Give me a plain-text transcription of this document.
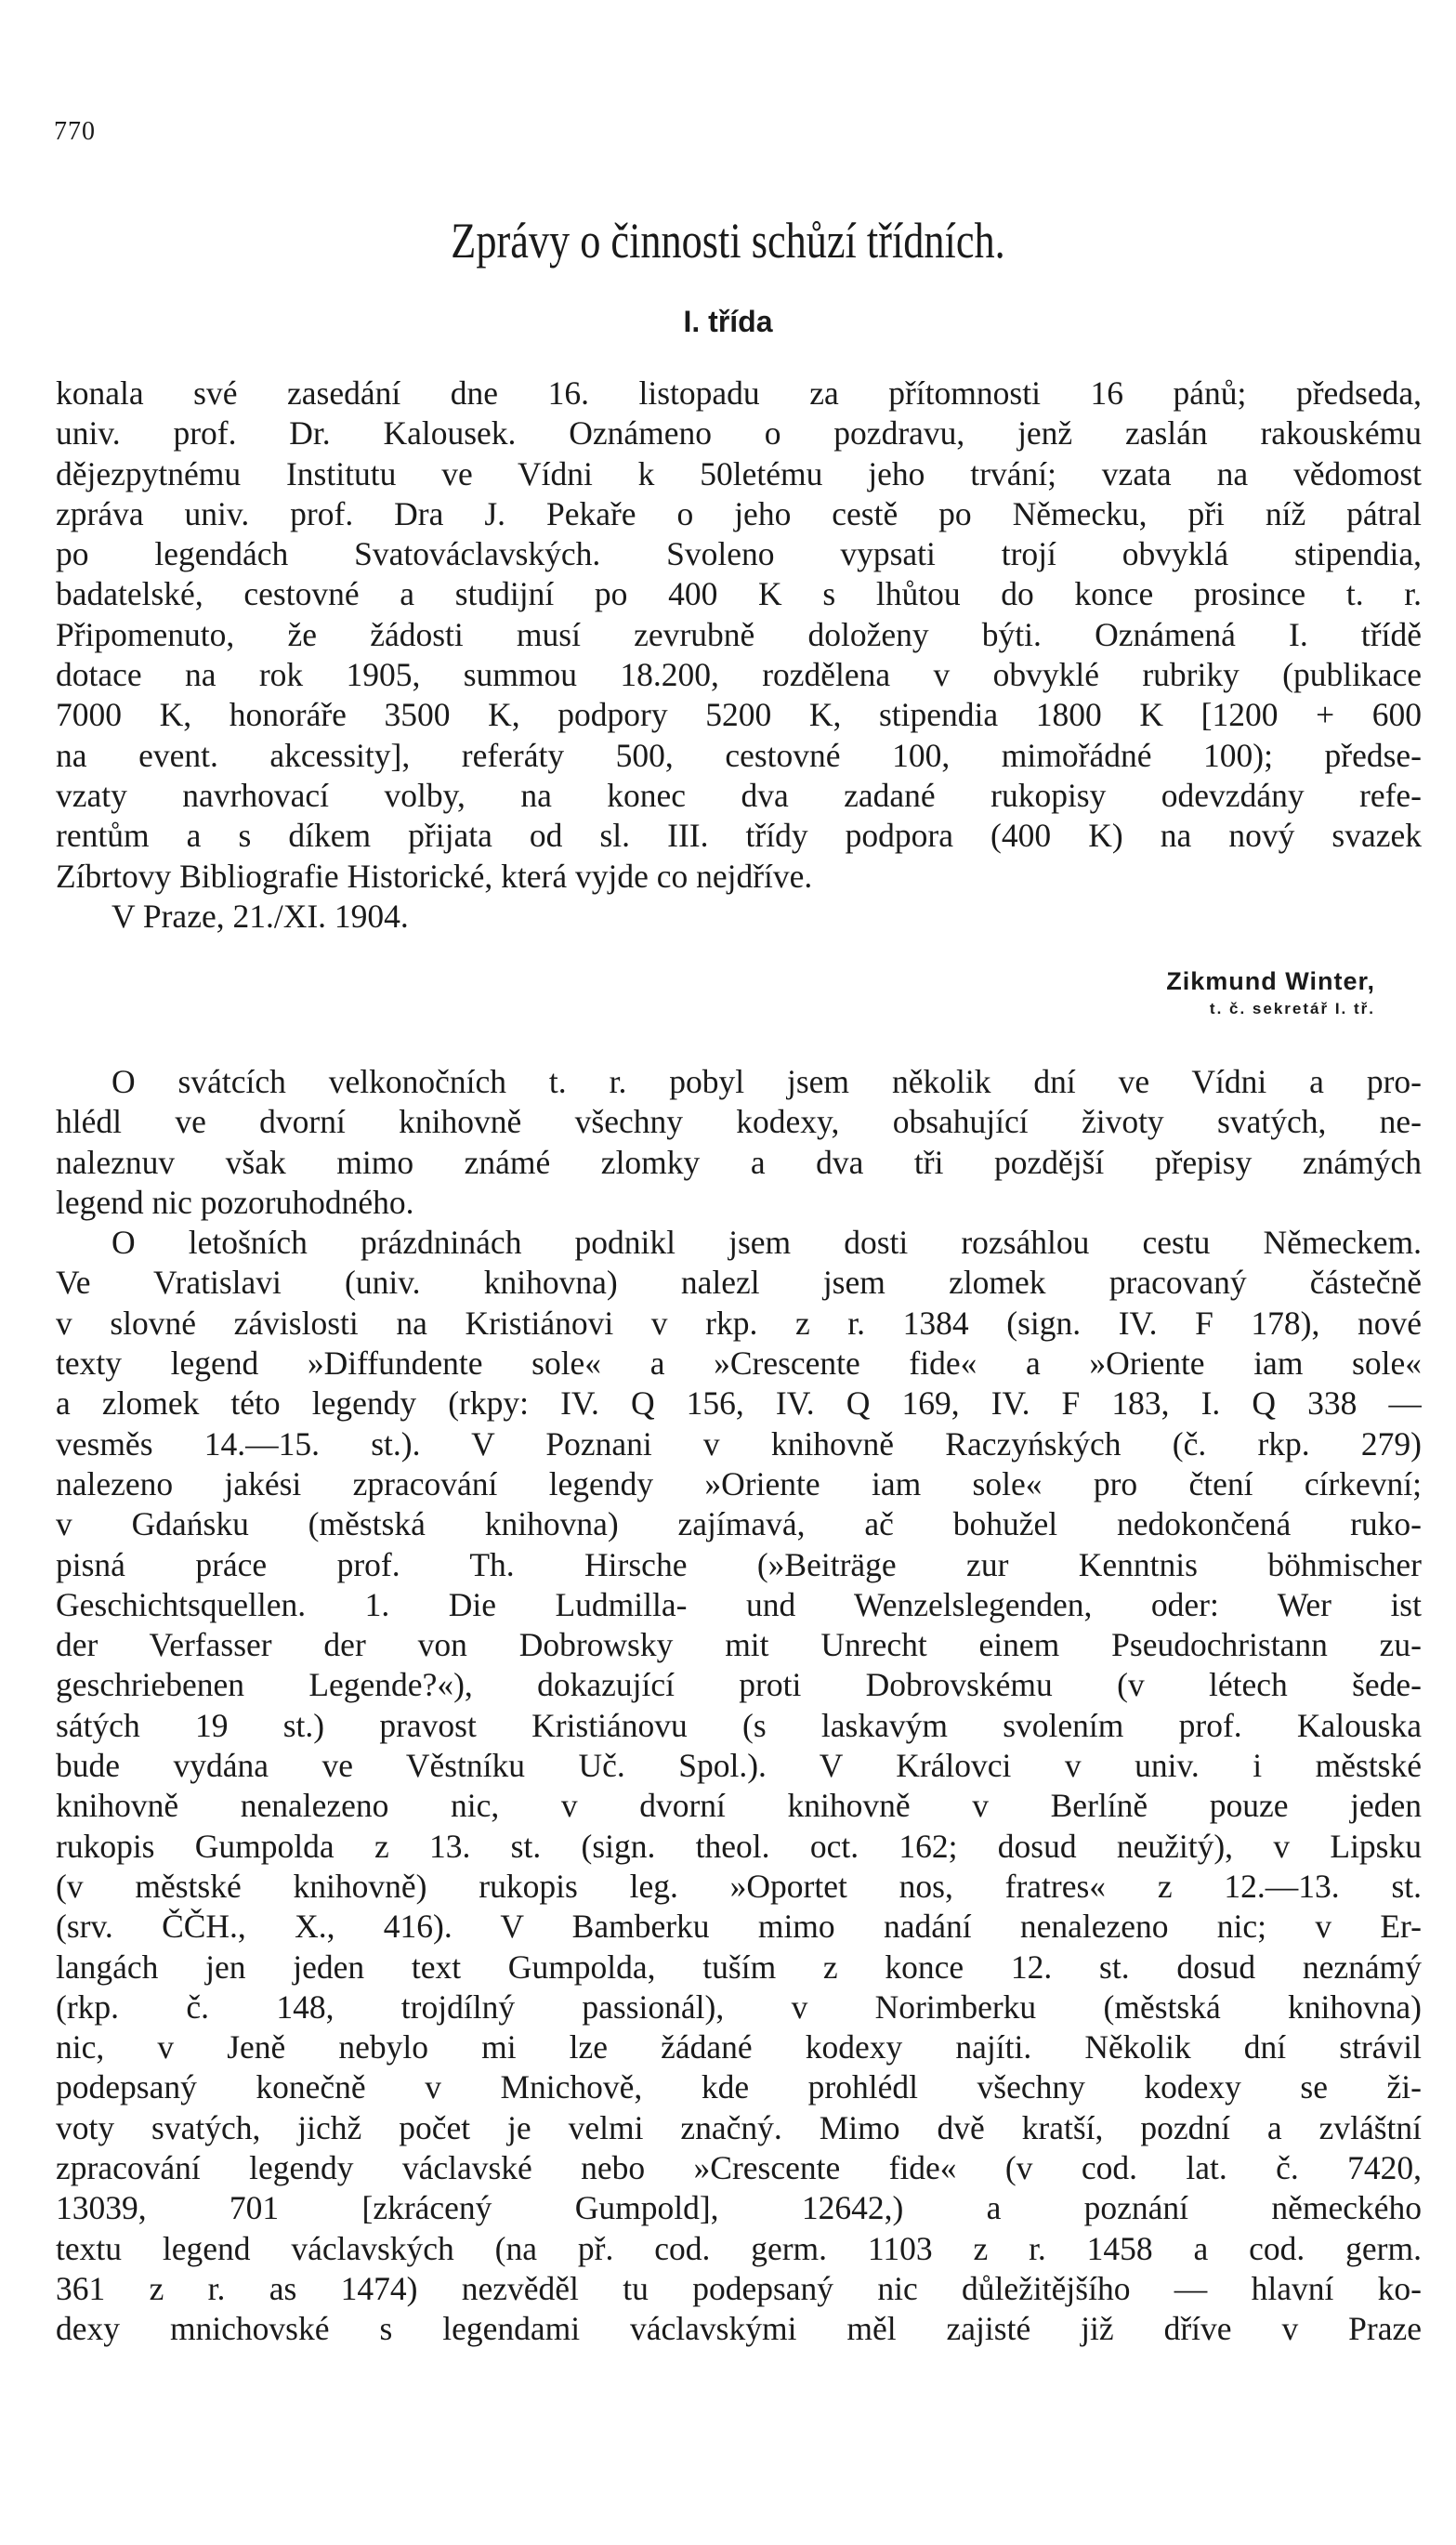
770
Zprávy o činnosti schůzí třídních.
I. třída
konala své zasedání dne 16. listopadu za přítomnosti 16 pánů; předseda,
univ. prof. Dr. Kalousek. Oznámeno o pozdravu, jenž zaslán rakouskému
dějezpytnému Institutu ve Vídni k 50letému jeho trvání; vzata na vědomost
zpráva univ. prof. Dra J. Pekaře o jeho cestě po Německu, při níž pátral
po legendách Svatováclavských. Svoleno vypsati trojí obvyklá stipendia,
badatelské, cestovné a studijní po 400 K s lhůtou do konce prosince t. r.
Připomenuto, že žádosti musí zevrubně doloženy býti. Oznámená I. třídě
dotace na rok 1905, summou 18.200, rozdělena v obvyklé rubriky (publikace
7000 K, honoráře 3500 K, podpory 5200 K, stipendia 1800 K [1200 + 600
na event. akcessity], referáty 500, cestovné 100, mimořádné 100); předse-
vzaty navrhovací volby, na konec dva zadané rukopisy odevzdány refe-
rentům a s díkem přijata od sl. III. třídy podpora (400 K) na nový svazek
Zíbrtovy Bibliografie Historické, která vyjde co nejdříve.
V Praze, 21./XI. 1904.
Zikmund Winter,
t. č. sekretář I. tř.
O svátcích velkonočních t. r. pobyl jsem několik dní ve Vídni a pro-
hlédl ve dvorní knihovně všechny kodexy, obsahující životy svatých, ne-
naleznuv však mimo známé zlomky a dva tři pozdější přepisy známých
legend nic pozoruhodného.
O letošních prázdninách podnikl jsem dosti rozsáhlou cestu Německem.
Ve Vratislavi (univ. knihovna) nalezl jsem zlomek pracovaný částečně
v slovné závislosti na Kristiánovi v rkp. z r. 1384 (sign. IV. F 178), nové
texty legend »Diffundente sole« a »Crescente fide« a »Oriente iam sole«
a zlomek této legendy (rkpy: IV. Q 156, IV. Q 169, IV. F 183, I. Q 338 —
vesměs 14.—15. st.). V Poznani v knihovně Raczyńských (č. rkp. 279)
nalezeno jakési zpracování legendy »Oriente iam sole« pro čtení církevní;
v Gdańsku (městská knihovna) zajímavá, ač bohužel nedokončená ruko-
pisná práce prof. Th. Hirsche (»Beiträge zur Kenntnis böhmischer
Geschichtsquellen. 1. Die Ludmilla- und Wenzelslegenden, oder: Wer ist
der Verfasser der von Dobrowsky mit Unrecht einem Pseudochristann zu-
geschriebenen Legende?«), dokazující proti Dobrovskému (v létech šede-
sátých 19 st.) pravost Kristiánovu (s laskavým svolením prof. Kalouska
bude vydána ve Věstníku Uč. Spol.). V Královci v univ. i městské
knihovně nenalezeno nic, v dvorní knihovně v Berlíně pouze jeden
rukopis Gumpolda z 13. st. (sign. theol. oct. 162; dosud neužitý), v Lipsku
(v městské knihovně) rukopis leg. »Oportet nos, fratres« z 12.—13. st.
(srv. ČČH., X., 416). V Bamberku mimo nadání nenalezeno nic; v Er-
langách jen jeden text Gumpolda, tuším z konce 12. st. dosud neznámý
(rkp. č. 148, trojdílný passionál), v Norimberku (městská knihovna)
nic, v Jeně nebylo mi lze žádané kodexy najíti. Několik dní strávil
podepsaný konečně v Mnichově, kde prohlédl všechny kodexy se ži-
voty svatých, jichž počet je velmi značný. Mimo dvě kratší, pozdní a zvláštní
zpracování legendy václavské nebo »Crescente fide« (v cod. lat. č. 7420,
13039, 701 [zkrácený Gumpold], 12642,) a poznání německého
textu legend václavských (na př. cod. germ. 1103 z r. 1458 a cod. germ.
361 z r. as 1474) nezvěděl tu podepsaný nic důležitějšího — hlavní ko-
dexy mnichovské s legendami václavskými měl zajisté již dříve v Praze
